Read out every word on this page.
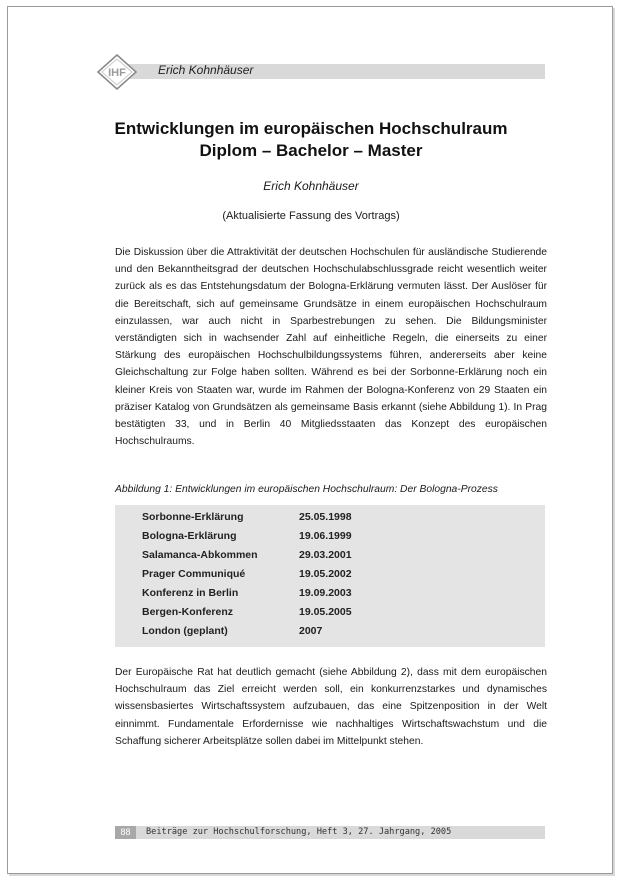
IHF	Erich Kohnhäuser
Entwicklungen im europäischen Hochschulraum
Diplom – Bachelor – Master
Erich Kohnhäuser
(Aktualisierte Fassung des Vortrags)

Die Diskussion über die Attraktivität der deutschen Hochschulen für ausländische Studierende und den Bekanntheitsgrad der deutschen Hochschulabschlussgrade reicht wesentlich weiter zurück als es das Entstehungsdatum der Bologna-Erklärung vermuten lässt. Der Auslöser für die Bereitschaft, sich auf gemeinsame Grundsätze in einem europäischen Hochschulraum einzulassen, war auch nicht in Sparbestrebungen zu sehen. Die Bildungsminister verständigten sich in wachsender Zahl auf einheitliche Regeln, die einerseits zu einer Stärkung des europäischen Hochschulbildungssystems führen, andererseits aber keine Gleichschaltung zur Folge haben sollten. Während es bei der Sorbonne-Erklärung noch ein kleiner Kreis von Staaten war, wurde im Rahmen der Bologna-Konferenz von 29 Staaten ein präziser Katalog von Grundsätzen als gemeinsame Basis erkannt (siehe Abbildung 1). In Prag bestätigten 33, und in Berlin 40 Mitgliedsstaaten das Konzept des europäischen Hochschulraums.

Abbildung 1: Entwicklungen im europäischen Hochschulraum: Der Bologna-Prozess
Sorbonne-Erklärung	25.05.1998
Bologna-Erklärung	19.06.1999
Salamanca-Abkommen	29.03.2001
Prager Communiqué	19.05.2002
Konferenz in Berlin	19.09.2003
Bergen-Konferenz	19.05.2005
London (geplant)	2007

Der Europäische Rat hat deutlich gemacht (siehe Abbildung 2), dass mit dem europäischen Hochschulraum das Ziel erreicht werden soll, ein konkurrenzstarkes und dynamisches wissensbasiertes Wirtschaftssystem aufzubauen, das eine Spitzenposition in der Welt einnimmt. Fundamentale Erfordernisse wie nachhaltiges Wirtschaftswachstum und die Schaffung sicherer Arbeitsplätze sollen dabei im Mittelpunkt stehen.

88	Beiträge zur Hochschulforschung, Heft 3, 27. Jahrgang, 2005
